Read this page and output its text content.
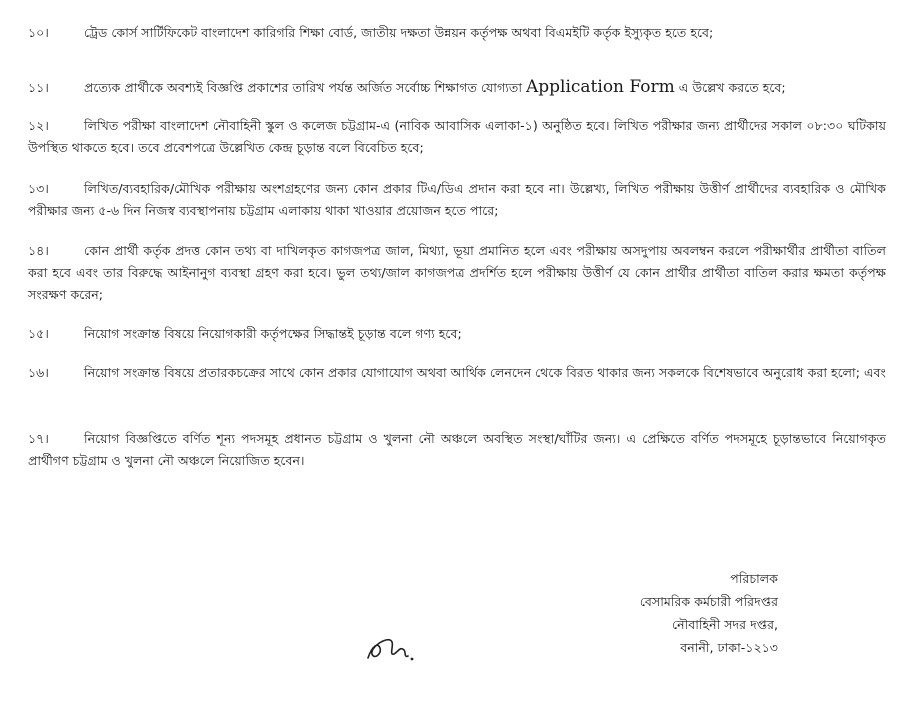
১০।	ট্রেড কোর্স সার্টিফিকেট বাংলাদেশ কারিগরি শিক্ষা বোর্ড, জাতীয় দক্ষতা উন্নয়ন কর্তৃপক্ষ অথবা বিএমইটি কর্তৃক ইস্যুকৃত হতে হবে;

১১।	প্রত্যেক প্রার্থীকে অবশ্যই বিজ্ঞপ্তি প্রকাশের তারিখ পর্যন্ত অর্জিত সর্বোচ্চ শিক্ষাগত যোগ্যতা Application Form এ উল্লেখ করতে হবে;

১২।	লিখিত পরীক্ষা বাংলাদেশ নৌবাহিনী স্কুল ও কলেজ চট্টগ্রাম-এ (নাবিক আবাসিক এলাকা-১) অনুষ্ঠিত হবে। লিখিত পরীক্ষার জন্য প্রার্থীদের সকাল ০৮:৩০ ঘটিকায় উপস্থিত থাকতে হবে। তবে প্রবেশপত্রে উল্লেখিত কেন্দ্র চূড়ান্ত বলে বিবেচিত হবে;

১৩।	লিখিত/ব্যবহারিক/মৌখিক পরীক্ষায় অংশগ্রহণের জন্য কোন প্রকার টিএ/ডিএ প্রদান করা হবে না। উল্লেখ্য, লিখিত পরীক্ষায় উত্তীর্ণ প্রার্থীদের ব্যবহারিক ও মৌখিক পরীক্ষার জন্য ৫-৬ দিন নিজস্ব ব্যবস্থাপনায় চট্টগ্রাম এলাকায় থাকা খাওয়ার প্রয়োজন হতে পারে;

১৪।	কোন প্রার্থী কর্তৃক প্রদত্ত কোন তথ্য বা দাখিলকৃত কাগজপত্র জাল, মিথ্যা, ভূয়া প্রমানিত হলে এবং পরীক্ষায় অসদুপায় অবলম্বন করলে পরীক্ষার্থীর প্রার্থীতা বাতিল করা হবে এবং তার বিরুদ্ধে আইনানুগ ব্যবস্থা গ্রহণ করা হবে। ভুল তথ্য/জাল কাগজপত্র প্রদর্শিত হলে পরীক্ষায় উত্তীর্ণ যে কোন প্রার্থীর প্রার্থীতা বাতিল করার ক্ষমতা কর্তৃপক্ষ সংরক্ষণ করেন;

১৫।	নিয়োগ সংক্রান্ত বিষয়ে নিয়োগকারী কর্তৃপক্ষের সিদ্ধান্তই চূড়ান্ত বলে গণ্য হবে;

১৬।	নিয়োগ সংক্রান্ত বিষয়ে প্রতারকচক্রের সাথে কোন প্রকার যোগাযোগ অথবা আর্থিক লেনদেন থেকে বিরত থাকার জন্য সকলকে বিশেষভাবে অনুরোধ করা হলো; এবং

১৭।	নিয়োগ বিজ্ঞপ্তিতে বর্ণিত শূন্য পদসমূহ প্রধানত চট্টগ্রাম ও খুলনা নৌ অঞ্চলে অবস্থিত সংস্থা/ঘাঁটির জন্য। এ প্রেক্ষিতে বর্ণিত পদসমূহে চূড়ান্তভাবে নিয়োগকৃত প্রার্থীগণ চট্টগ্রাম ও খুলনা নৌ অঞ্চলে নিয়োজিত হবেন।

পরিচালক
বেসামরিক কর্মচারী পরিদপ্তর
নৌবাহিনী সদর দপ্তর,
বনানী, ঢাকা-১২১৩
